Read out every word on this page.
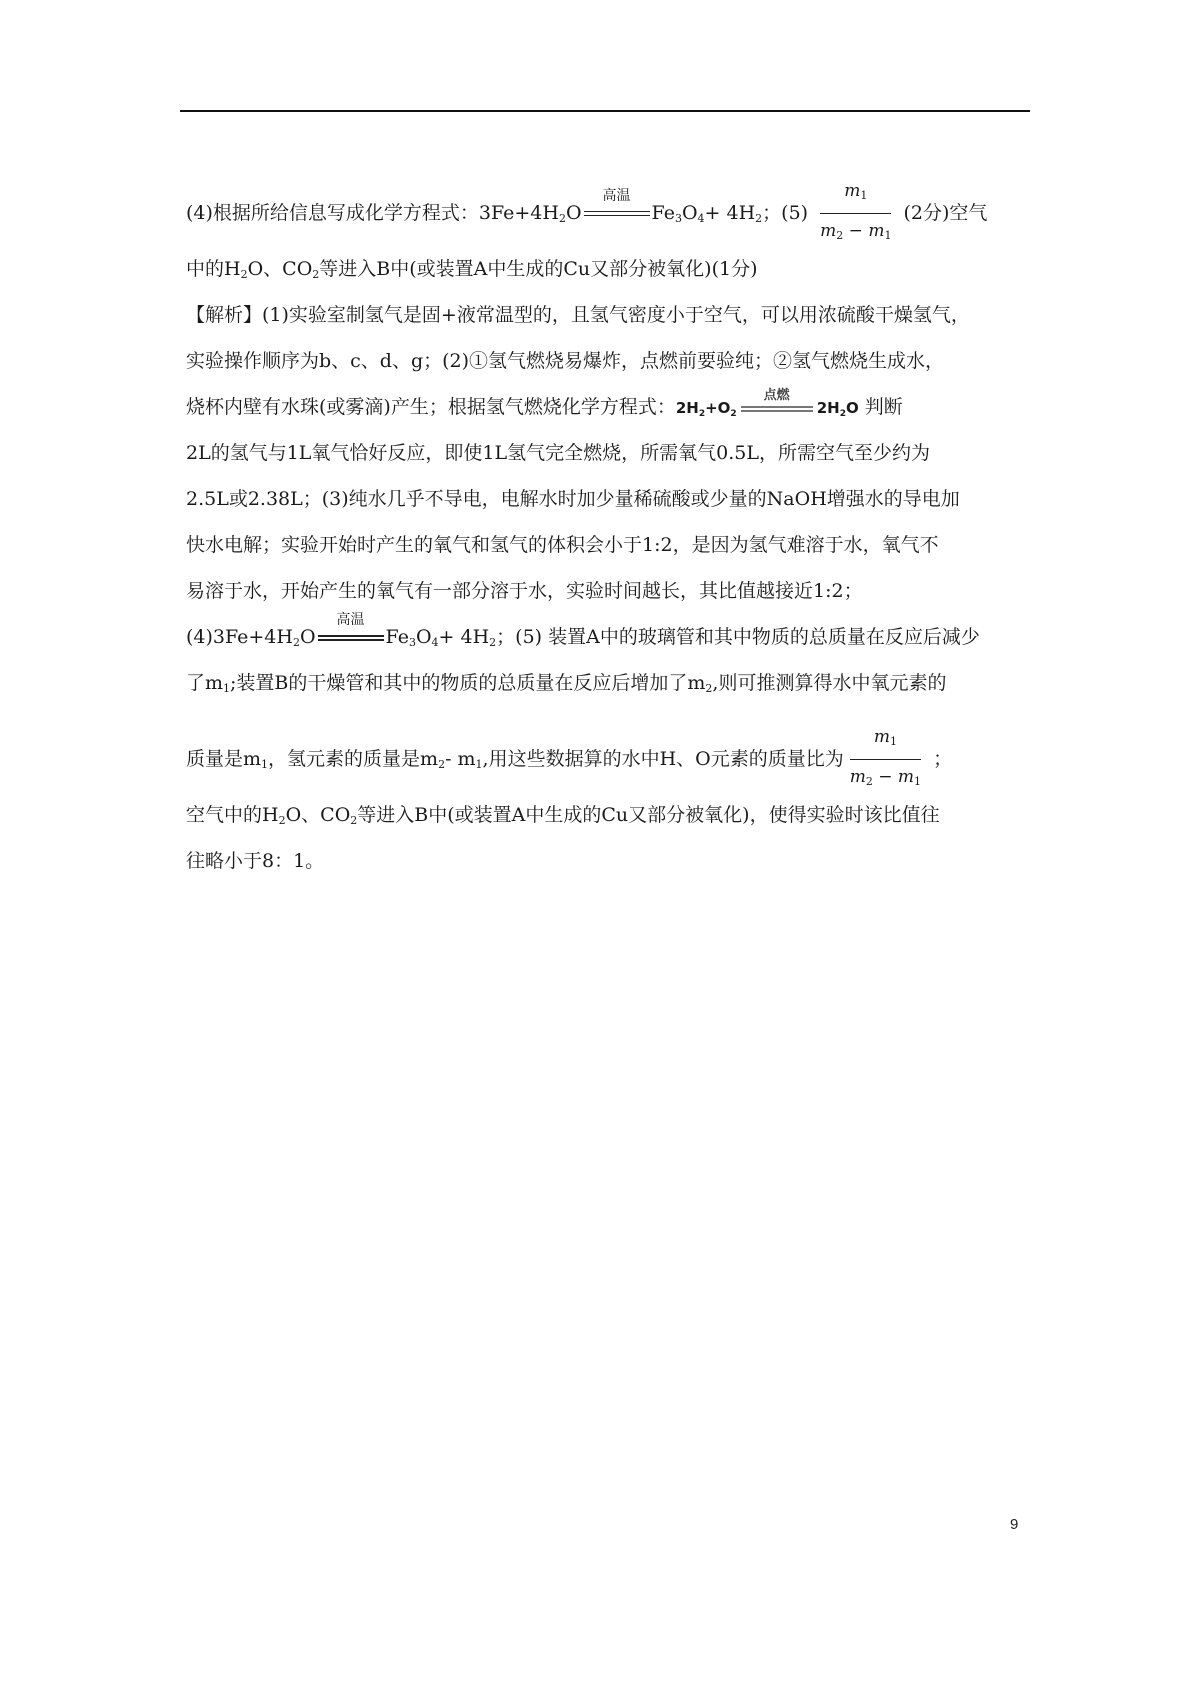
(4)根据所给信息写成化学方程式：$3Fe+4H_2O$
高温
$Fe_3O_4+ 4H_2$；$(5) \frac{m1}{m2 - m1} (2$分)空气
中的$H_2O$、$CO_2$等进入B中(或装置A中生成的Cu又部分被氧化)(1分)
【解析】(1)实验室制氢气是固+液常温型的，且氢气密度小于空气，可以用浓硫酸干燥氢气，
实验操作顺序为b、c、d、g；(2)①氢气燃烧易爆炸，点燃前要验纯；②氢气燃烧生成水，
烧杯内壁有水珠(或雾滴)产生；根据氢气燃烧化学方程式：$2H_2+O_2$
点燃
$2H_2O$ 判断
2L的氢气与1L氧气恰好反应，即使1L氢气完全燃烧，所需氧气0.5L，所需空气至少约为
2.5L或2.38L；(3)纯水几乎不导电，电解水时加少量稀硫酸或少量的NaOH增强水的导电加
快水电解；实验开始时产生的氧气和氢气的体积会小于1:2，是因为氢气难溶于水，氧气不
易溶于水，开始产生的氧气有一部分溶于水，实验时间越长，其比值越接近1:2；
$(4)3Fe+4H_2O$
高温
$Fe_3O_4+ 4H_2$；(5) 装置A中的玻璃管和其中物质的总质量在反应后减少
了$m_1$;装置B的干燥管和其中的物质的总质量在反应后增加了$m_2$,则可推测算得水中氧元素的
质量是$m_1$，氢元素的质量是$m_2-$ $m_1$,用这些数据算的水中H、O元素的质量比为 $\frac{m1}{m2 - m1}$ ；
空气中的$H_2O$、$CO_2$等进入B中(或装置A中生成的Cu又部分被氧化)，使得实验时该比值往
往略小于8：1。
9
